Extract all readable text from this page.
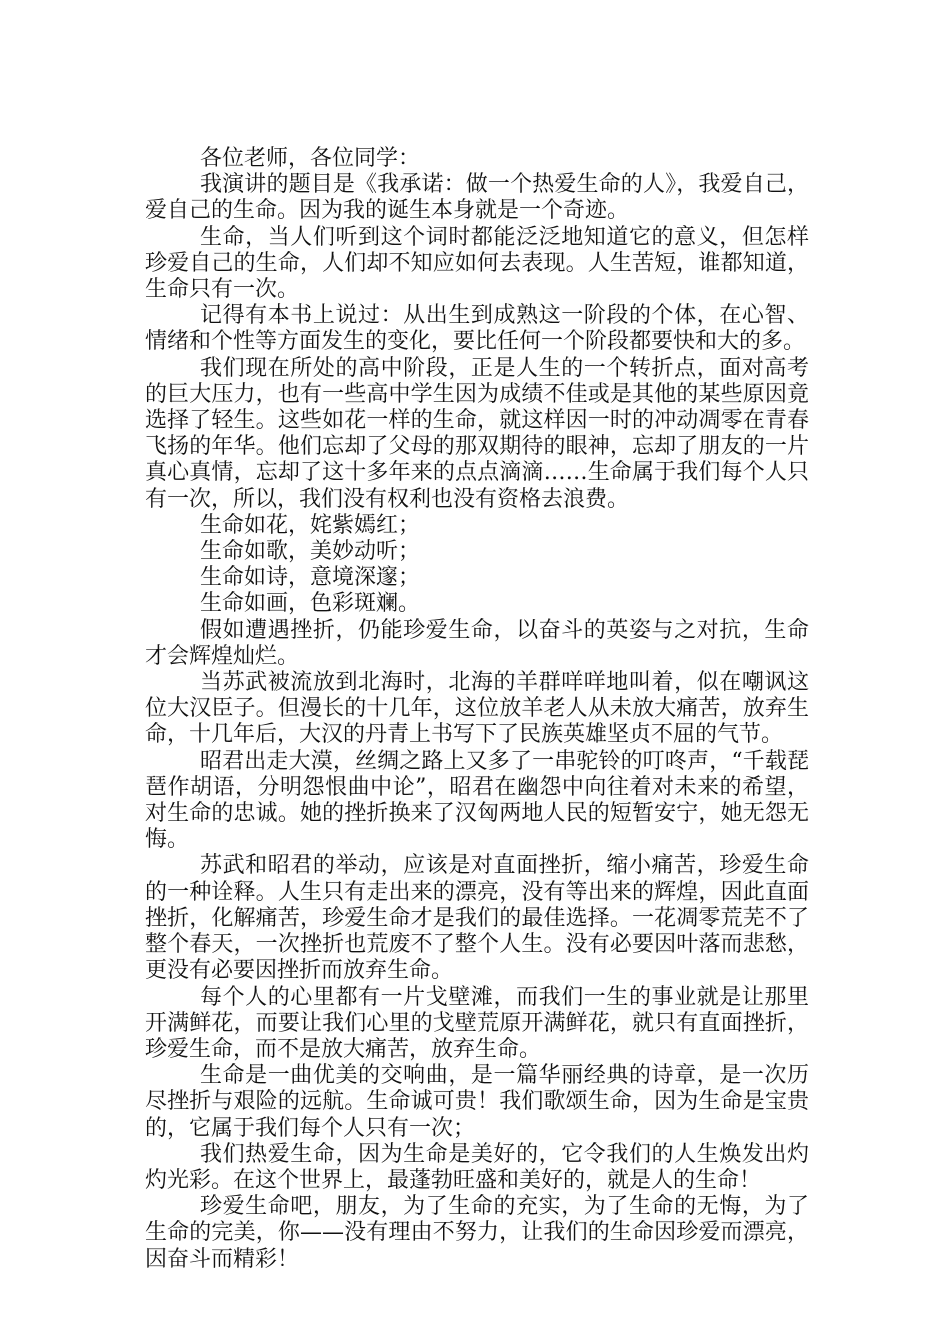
各位老师，各位同学：

我演讲的题目是《我承诺：做一个热爱生命的人》，我爱自己，爱自己的生命。因为我的诞生本身就是一个奇迹。

生命，当人们听到这个词时都能泛泛地知道它的意义，但怎样珍爱自己的生命，人们却不知应如何去表现。人生苦短，谁都知道，生命只有一次。

记得有本书上说过：从出生到成熟这一阶段的个体，在心智、情绪和个性等方面发生的变化，要比任何一个阶段都要快和大的多。

我们现在所处的高中阶段，正是人生的一个转折点，面对高考的巨大压力，也有一些高中学生因为成绩不佳或是其他的某些原因竟选择了轻生。这些如花一样的生命，就这样因一时的冲动凋零在青春飞扬的年华。他们忘却了父母的那双期待的眼神，忘却了朋友的一片真心真情，忘却了这十多年来的点点滴滴……生命属于我们每个人只有一次，所以，我们没有权利也没有资格去浪费。

生命如花，姹紫嫣红；

生命如歌，美妙动听；

生命如诗，意境深邃；

生命如画，色彩斑斓。

假如遭遇挫折，仍能珍爱生命，以奋斗的英姿与之对抗，生命才会辉煌灿烂。

当苏武被流放到北海时，北海的羊群咩咩地叫着，似在嘲讽这位大汉臣子。但漫长的十几年，这位放羊老人从未放大痛苦，放弃生命，十几年后，大汉的丹青上书写下了民族英雄坚贞不屈的气节。

昭君出走大漠，丝绸之路上又多了一串驼铃的叮咚声，“千载琵琶作胡语，分明怨恨曲中论”，昭君在幽怨中向往着对未来的希望，对生命的忠诚。她的挫折换来了汉匈两地人民的短暂安宁，她无怨无悔。

苏武和昭君的举动，应该是对直面挫折，缩小痛苦，珍爱生命的一种诠释。人生只有走出来的漂亮，没有等出来的辉煌，因此直面挫折，化解痛苦，珍爱生命才是我们的最佳选择。一花凋零荒芜不了整个春天，一次挫折也荒废不了整个人生。没有必要因叶落而悲愁，更没有必要因挫折而放弃生命。

每个人的心里都有一片戈壁滩，而我们一生的事业就是让那里开满鲜花，而要让我们心里的戈壁荒原开满鲜花，就只有直面挫折，珍爱生命，而不是放大痛苦，放弃生命。

生命是一曲优美的交响曲，是一篇华丽经典的诗章，是一次历尽挫折与艰险的远航。生命诚可贵！我们歌颂生命，因为生命是宝贵的，它属于我们每个人只有一次；

我们热爱生命，因为生命是美好的，它令我们的人生焕发出灼灼光彩。在这个世界上，最蓬勃旺盛和美好的，就是人的生命！

珍爱生命吧，朋友，为了生命的充实，为了生命的无悔，为了生命的完美，你——没有理由不努力，让我们的生命因珍爱而漂亮，因奋斗而精彩！
